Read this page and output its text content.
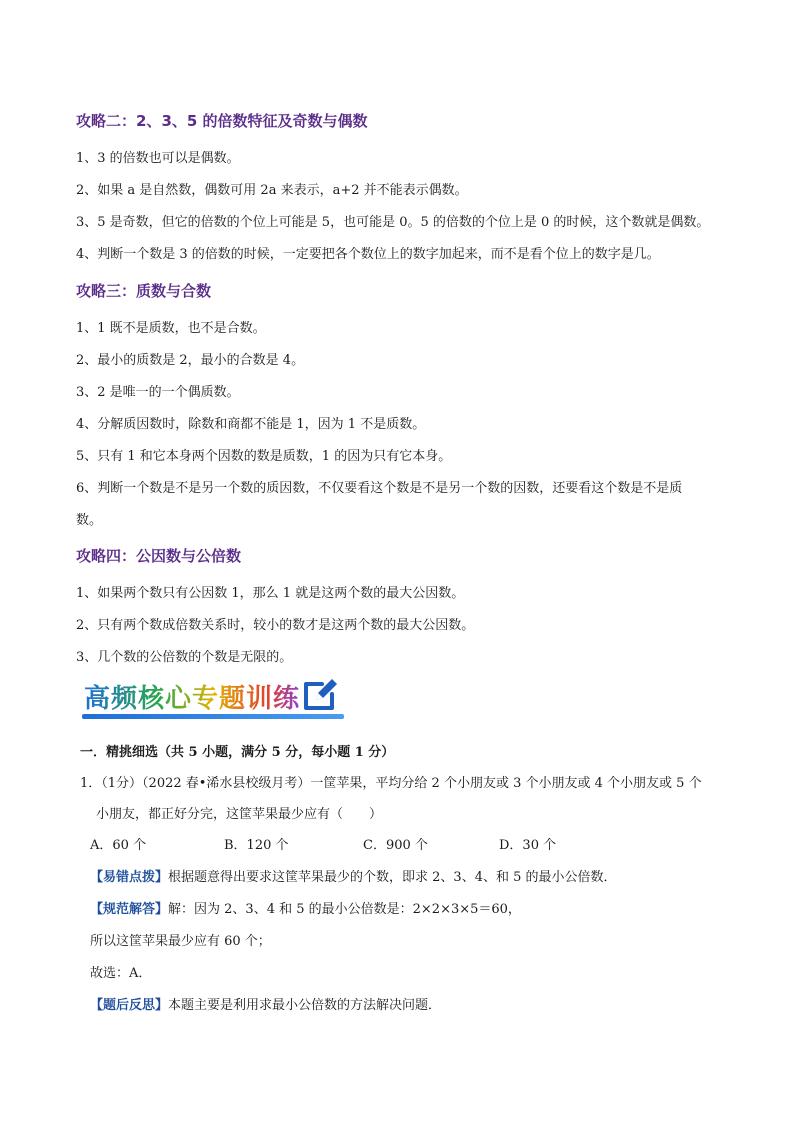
攻略二：2、3、5 的倍数特征及奇数与偶数
1、3 的倍数也可以是偶数。
2、如果 a 是自然数，偶数可用 2a 来表示，a+2 并不能表示偶数。
3、5 是奇数，但它的倍数的个位上可能是 5，也可能是 0。5 的倍数的个位上是 0 的时候，这个数就是偶数。
4、判断一个数是 3 的倍数的时候，一定要把各个数位上的数字加起来，而不是看个位上的数字是几。
攻略三：质数与合数
1、1 既不是质数，也不是合数。
2、最小的质数是 2，最小的合数是 4。
3、2 是唯一的一个偶质数。
4、分解质因数时，除数和商都不能是 1，因为 1 不是质数。
5、只有 1 和它本身两个因数的数是质数，1 的因为只有它本身。
6、判断一个数是不是另一个数的质因数，不仅要看这个数是不是另一个数的因数，还要看这个数是不是质
数。
攻略四：公因数与公倍数
1、如果两个数只有公因数 1，那么 1 就是这两个数的最大公因数。
2、只有两个数成倍数关系时，较小的数才是这两个数的最大公因数。
3、几个数的公倍数的个数是无限的。
高频核心专题训练
一．精挑细选（共 5 小题，满分 5 分，每小题 1 分）
1．（1分）（2022 春•浠水县校级月考）一筐苹果，平均分给 2 个小朋友或 3 个小朋友或 4 个小朋友或 5 个
小朋友，都正好分完，这筐苹果最少应有（　　）
A．60 个	B．120 个	C．900 个	D．30 个
【易错点拨】根据题意得出要求这筐苹果最少的个数，即求 2、3、4、和 5 的最小公倍数．
【规范解答】解：因为 2、3、4 和 5 的最小公倍数是：2×2×3×5＝60，
所以这筐苹果最少应有 60 个；
故选：A．
【题后反思】本题主要是利用求最小公倍数的方法解决问题．
